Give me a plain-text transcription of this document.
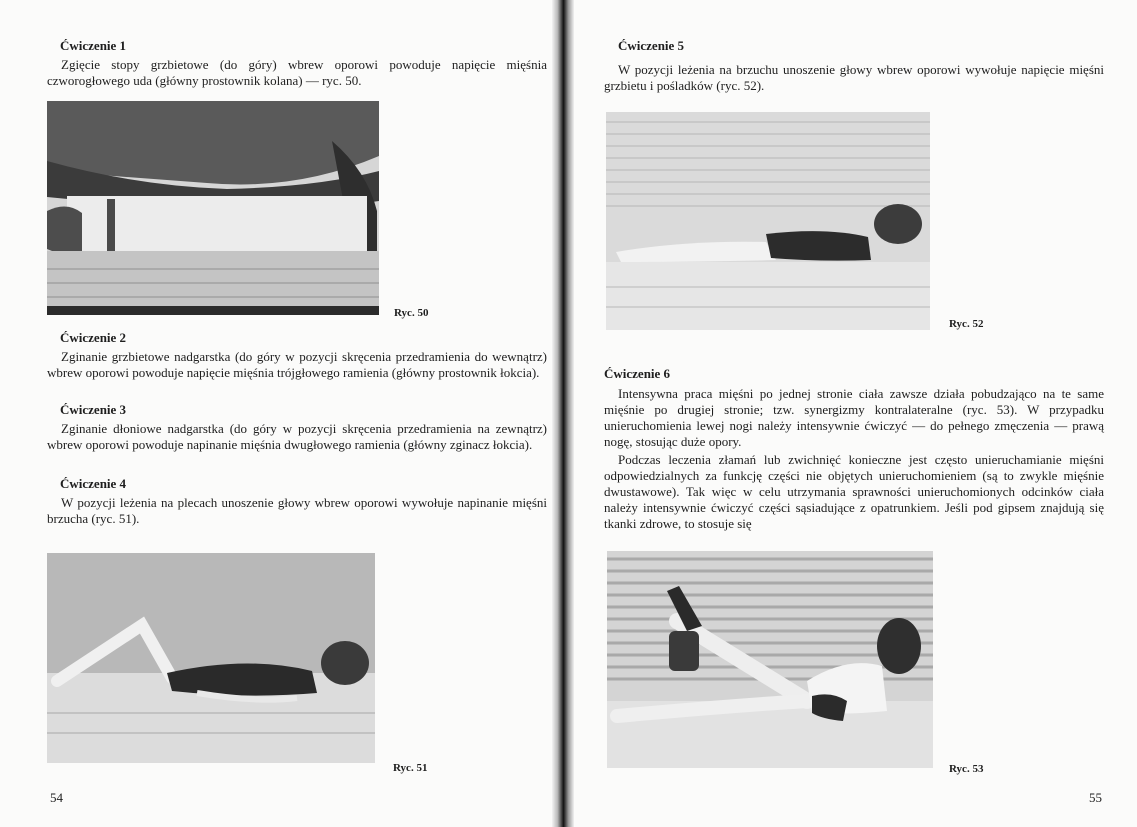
Ćwiczenie 1

Zgięcie stopy grzbietowe (do góry) wbrew oporowi powoduje napięcie mięśnia czworogłowego uda (główny prostownik kolana) — ryc. 50.

Ryc. 50

Ćwiczenie 2

Zginanie grzbietowe nadgarstka (do góry w pozycji skręcenia przedramienia do wewnątrz) wbrew oporowi powoduje napięcie mięśnia trójgłowego ramienia (główny prostownik łokcia).

Ćwiczenie 3

Zginanie dłoniowe nadgarstka (do góry w pozycji skręcenia przedramienia na zewnątrz) wbrew oporowi powoduje napinanie mięśnia dwugłowego ramienia (główny zginacz łokcia).

Ćwiczenie 4

W pozycji leżenia na plecach unoszenie głowy wbrew oporowi wywołuje napinanie mięśni brzucha (ryc. 51).

Ryc. 51
54

Ćwiczenie 5

W pozycji leżenia na brzuchu unoszenie głowy wbrew oporowi wywołuje napięcie mięśni grzbietu i pośladków (ryc. 52).

Ryc. 52

Ćwiczenie 6

Intensywna praca mięśni po jednej stronie ciała zawsze działa pobudzająco na te same mięśnie po drugiej stronie; tzw. synergizmy kontralateralne (ryc. 53). W przypadku unieruchomienia lewej nogi należy intensywnie ćwiczyć — do pełnego zmęczenia — prawą nogę, stosując duże opory.

Podczas leczenia złamań lub zwichnięć konieczne jest często unieruchamianie mięśni odpowiedzialnych za funkcję części nie objętych unieruchomieniem (są to zwykle mięśnie dwustawowe). Tak więc w celu utrzymania sprawności unieruchomionych odcinków ciała należy intensywnie ćwiczyć części sąsiadujące z opatrunkiem. Jeśli pod gipsem znajdują się tkanki zdrowe, to stosuje się

Ryc. 53
55
